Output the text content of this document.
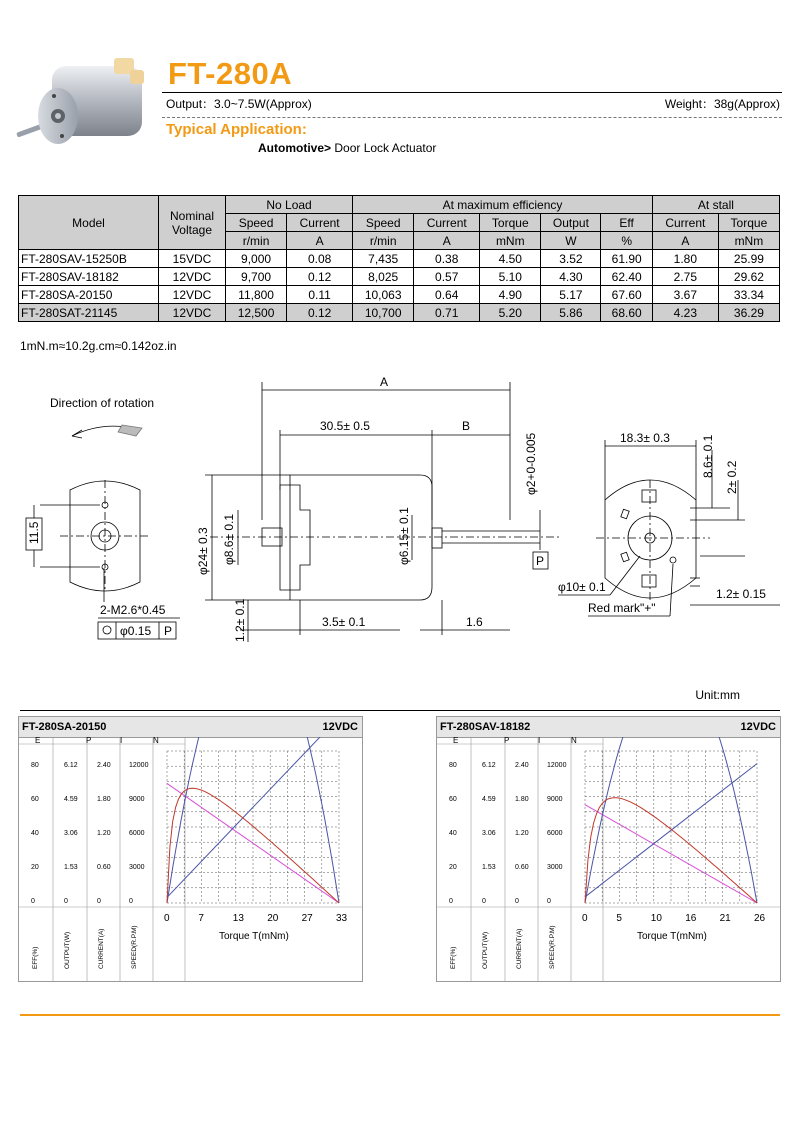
FT-280A
Output：3.0~7.5W(Approx)	Weight：38g(Approx)
Typical Application:
Automotive> Door Lock Actuator
Model	Nominal Voltage	No Load		At maximum efficiency					At stall	
		Speed	Current	Speed	Current	Torque	Output	Eff	Current	Torque
		r/min	A	r/min	A	mNm	W	%	A	mNm
FT-280SAV-15250B	15VDC	9,000	0.08	7,435	0.38	4.50	3.52	61.90	1.80	25.99
FT-280SAV-18182	12VDC	9,700	0.12	8,025	0.57	5.10	4.30	62.40	2.75	29.62
FT-280SA-20150	12VDC	11,800	0.11	10,063	0.64	4.90	5.17	67.60	3.67	33.34
FT-280SAT-21145	12VDC	12,500	0.12	10,700	0.71	5.20	5.86	68.60	4.23	36.29
1mN.m≈10.2g.cm≈0.142oz.in
Direction of rotation
11.5
2-M2.6*0.45
φ0.15 P
A
30.5± 0.5	B
φ24± 0.3 φ8.6± 0.1	φ6.15± 0.1
φ2+0-0.005
P
1.2± 0.1	3.5± 0.1	1.6
18.3± 0.3	8.6± 0.1 2± 0.2
1.2± 0.15
φ10± 0.1
Red mark"+"
Unit:mm
FT-280SA-20150	12VDC
E	P	I	N
80	6.12	2.40	12000
60	4.59	1.80	9000
40	3.06	1.20	6000
20	1.53	0.60	3000
0	0	0	0
EFF(%)	OUTPUT(W)	CURRENT(A)	SPEED(R.P.M)
0	7	13 20 27 33
Torque T(mNm)
FT-280SAV-18182	12VDC
E	P	I	N
80	6.12	2.40	12000
60	4.59	1.80	9000
40	3.06	1.20	6000
20	1.53	0.60	3000
0	0	0	0
EFF(%)	OUTPUT(W)	CURRENT(A)	SPEED(R.P.M)
0	5	10 16 21 26
Torque T(mNm)
